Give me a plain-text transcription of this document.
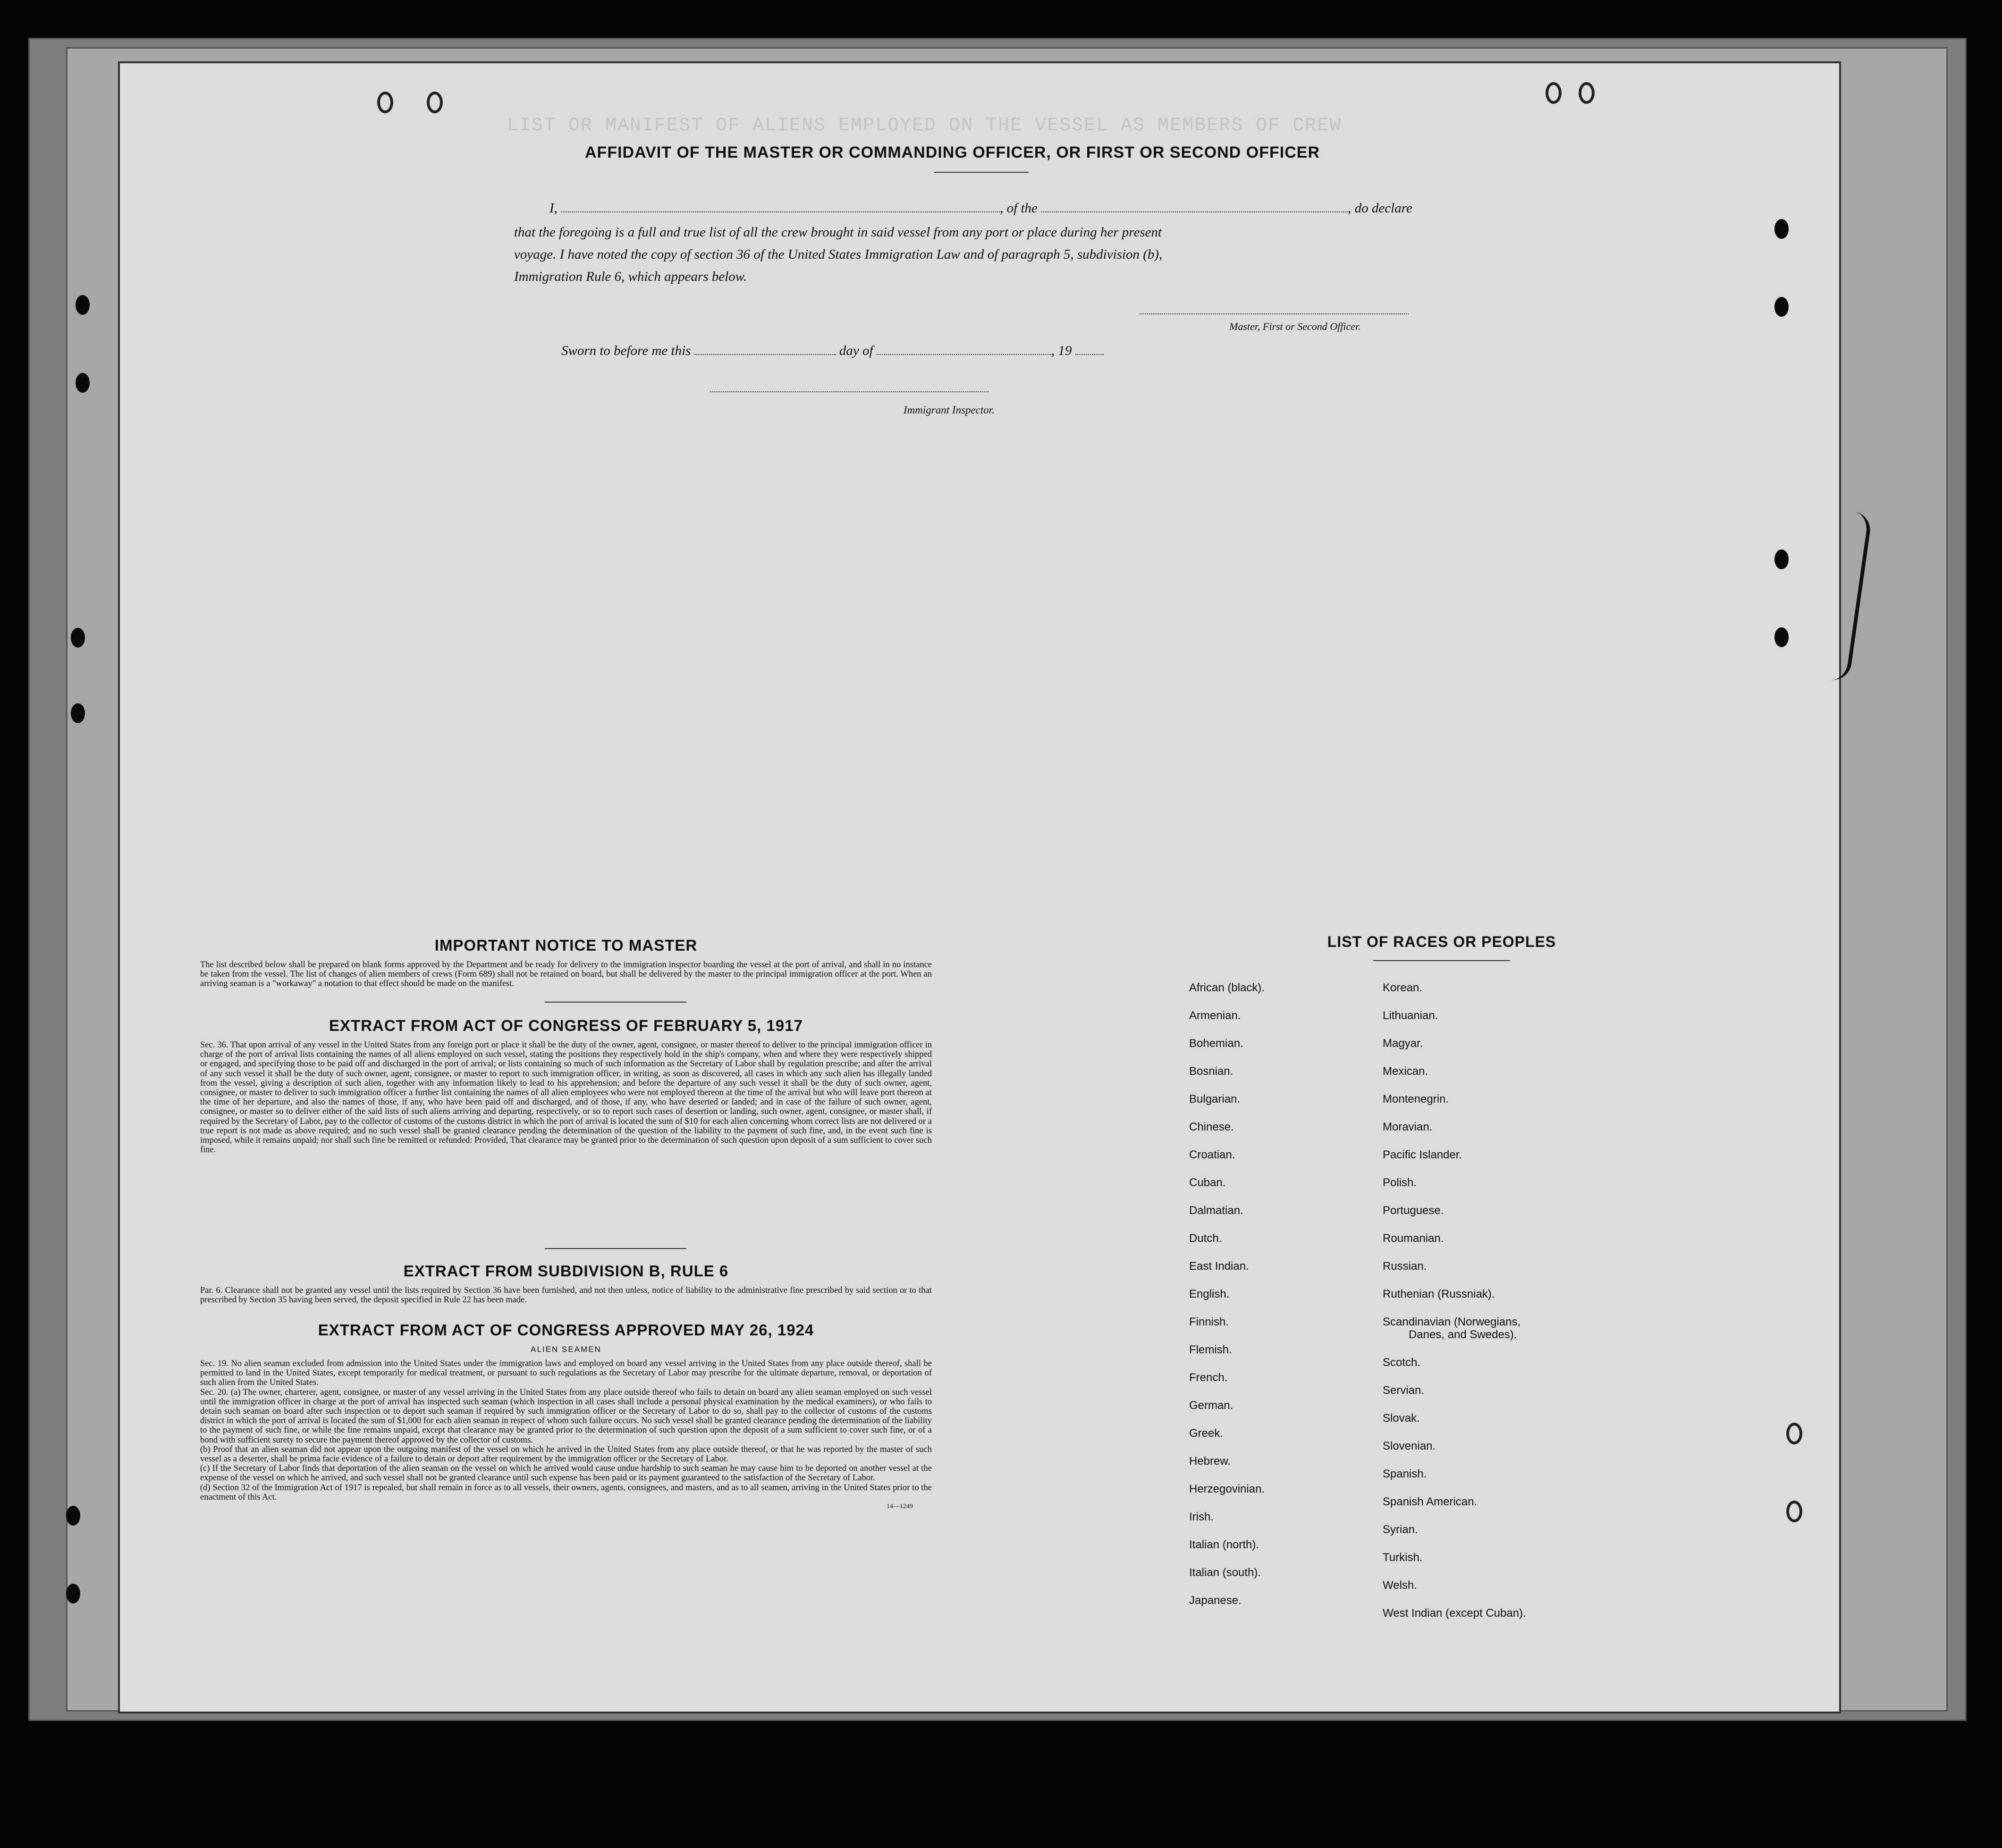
LIST OR MANIFEST OF ALIENS EMPLOYED ON THE VESSEL AS MEMBERS OF CREW
AFFIDAVIT OF THE MASTER OR COMMANDING OFFICER, OR FIRST OR SECOND OFFICER
I,	, of the	, do declare
that the foregoing is a full and true list of all the crew brought in said vessel from any port or place during her present
voyage. I have noted the copy of section 36 of the United States Immigration Law and of paragraph 5, subdivision (b),
Immigration Rule 6, which appears below.
Master, First or Second Officer.
Sworn to before me this	day of	, 19
Immigrant Inspector.
IMPORTANT NOTICE TO MASTER
The list described below shall be prepared on blank forms approved by the Department and be ready for delivery to the immigration inspector boarding the vessel at the port of arrival, and shall in no instance be taken from the vessel. The list of changes of alien members of crews (Form 689) shall not be retained on board, but shall be delivered by the master to the principal immigration officer at the port. When an arriving seaman is a "workaway" a notation to that effect should be made on the manifest.
EXTRACT FROM ACT OF CONGRESS OF FEBRUARY 5, 1917
Sec. 36. That upon arrival of any vessel in the United States from any foreign port or place it shall be the duty of the owner, agent, consignee, or master thereof to deliver to the principal immigration officer in charge of the port of arrival lists containing the names of all aliens employed on such vessel, stating the positions they respectively hold in the ship's company, when and where they were respectively shipped or engaged, and specifying those to be paid off and discharged in the port of arrival; or lists containing so much of such information as the Secretary of Labor shall by regulation prescribe; and after the arrival of any such vessel it shall be the duty of such owner, agent, consignee, or master to report to such immigration officer, in writing, as soon as discovered, all cases in which any such alien has illegally landed from the vessel, giving a description of such alien, together with any information likely to lead to his apprehension; and before the departure of any such vessel it shall be the duty of such owner, agent, consignee, or master to deliver to such immigration officer a further list containing the names of all alien employees who were not employed thereon at the time of the arrival but who will leave port thereon at the time of her departure, and also the names of those, if any, who have been paid off and discharged, and of those, if any, who have deserted or landed; and in case of the failure of such owner, agent, consignee, or master so to deliver either of the said lists of such aliens arriving and departing, respectively, or so to report such cases of desertion or landing, such owner, agent, consignee, or master shall, if required by the Secretary of Labor, pay to the collector of customs of the customs district in which the port of arrival is located the sum of $10 for each alien concerning whom correct lists are not delivered or a true report is not made as above required; and no such vessel shall be granted clearance pending the determination of the question of the liability to the payment of such fine, and, in the event such fine is imposed, while it remains unpaid; nor shall such fine be remitted or refunded: Provided, That clearance may be granted prior to the determination of such question upon deposit of a sum sufficient to cover such fine.
EXTRACT FROM SUBDIVISION B, RULE 6
Par. 6. Clearance shall not be granted any vessel until the lists required by Section 36 have been furnished, and not then unless, notice of liability to the administrative fine prescribed by said section or to that prescribed by Section 35 having been served, the deposit specified in Rule 22 has been made.
EXTRACT FROM ACT OF CONGRESS APPROVED MAY 26, 1924
ALIEN SEAMEN
Sec. 19. No alien seaman excluded from admission into the United States under the immigration laws and employed on board any vessel arriving in the United States from any place outside thereof, shall be permitted to land in the United States, except temporarily for medical treatment, or pursuant to such regulations as the Secretary of Labor may prescribe for the ultimate departure, removal, or deportation of such alien from the United States.
Sec. 20. (a) The owner, charterer, agent, consignee, or master of any vessel arriving in the United States from any place outside thereof who fails to detain on board any alien seaman employed on such vessel until the immigration officer in charge at the port of arrival has inspected such seaman (which inspection in all cases shall include a personal physical examination by the medical examiners), or who fails to detain such seaman on board after such inspection or to deport such seaman if required by such immigration officer or the Secretary of Labor to do so, shall pay to the collector of customs of the customs district in which the port of arrival is located the sum of $1,000 for each alien seaman in respect of whom such failure occurs. No such vessel shall be granted clearance pending the determination of the liability to the payment of such fine, or while the fine remains unpaid, except that clearance may be granted prior to the determination of such question upon the deposit of a sum sufficient to cover such fine, or of a bond with sufficient surety to secure the payment thereof approved by the collector of customs.
(b) Proof that an alien seaman did not appear upon the outgoing manifest of the vessel on which he arrived in the United States from any place outside thereof, or that he was reported by the master of such vessel as a deserter, shall be prima facie evidence of a failure to detain or deport after requirement by the immigration officer or the Secretary of Labor.
(c) If the Secretary of Labor finds that deportation of the alien seaman on the vessel on which he arrived would cause undue hardship to such seaman he may cause him to be deported on another vessel at the expense of the vessel on which he arrived, and such vessel shall not be granted clearance until such expense has been paid or its payment guaranteed to the satisfaction of the Secretary of Labor.
(d) Section 32 of the Immigration Act of 1917 is repealed, but shall remain in force as to all vessels, their owners, agents, consignees, and masters, and as to all seamen, arriving in the United States prior to the enactment of this Act.
14—1249
LIST OF RACES OR PEOPLES
African (black).
Armenian.
Bohemian.
Bosnian.
Bulgarian.
Chinese.
Croatian.
Cuban.
Dalmatian.
Dutch.
East Indian.
English.
Finnish.
Flemish.
French.
German.
Greek.
Hebrew.
Herzegovinian.
Irish.
Italian (north).
Italian (south).
Japanese.
Korean.
Lithuanian.
Magyar.
Mexican.
Montenegrin.
Moravian.
Pacific Islander.
Polish.
Portuguese.
Roumanian.
Russian.
Ruthenian (Russniak).
Scandinavian (Norwegians,
Danes, and Swedes).
Scotch.
Servian.
Slovak.
Slovenian.
Spanish.
Spanish American.
Syrian.
Turkish.
Welsh.
West Indian (except Cuban).
